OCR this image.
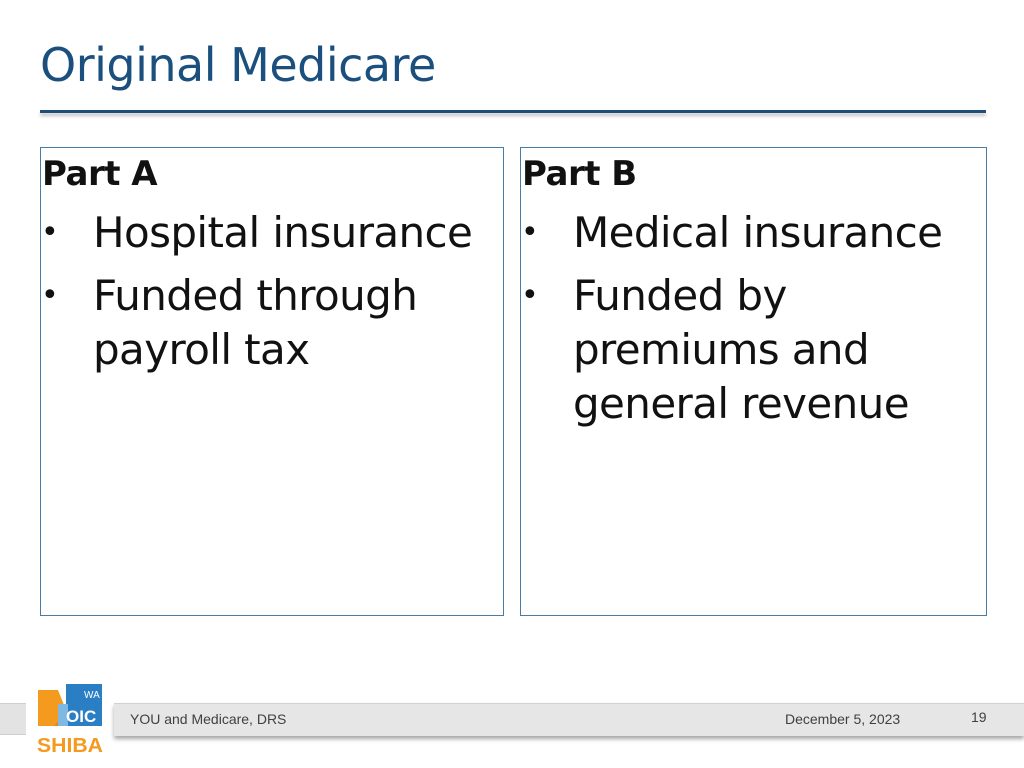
Original Medicare
Part A
• Hospital insurance
• Funded through payroll tax
Part B
• Medical insurance
• Funded by premiums and general revenue
YOU and Medicare, DRS	December 5, 2023	19
WA
OIC
SHIBA
